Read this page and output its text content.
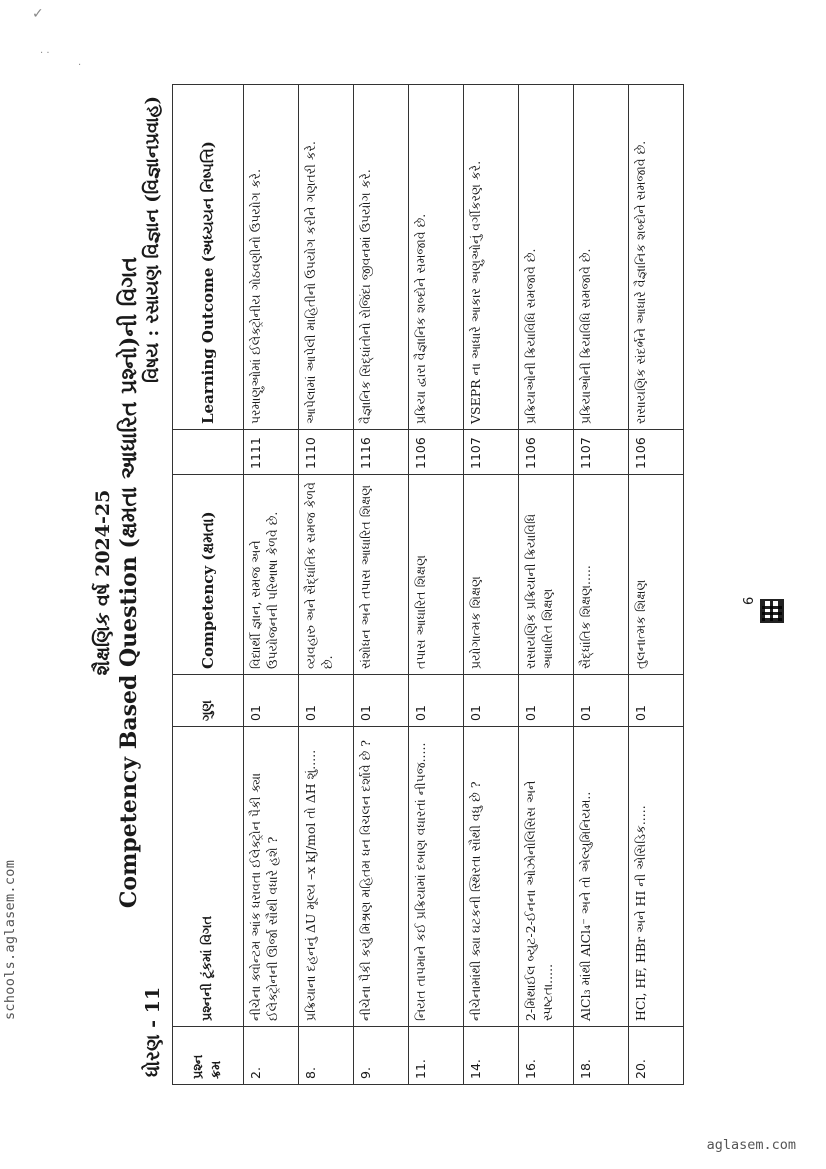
✓
· ·
·
schools.aglasem.com
aglasem.com
શૈક્ષણિક વર્ષ 2024-25 Competency Based Question (ક્ષમતા આધારિત પ્રશ્નો)ની વિગત
ધોરણ - 11
વિષય : રસાયણ વિજ્ઞાન (વિજ્ઞાનપ્રવાહ)
પ્રશ્ન ક્રમ	પ્રશ્નની ટૂંકમાં વિગત	ગુણ	Competency (ક્ષમતા)		Learning Outcome (અધ્યયન નિષ્પત્તિ)
2.	નીચેના ક્વોન્ટમ આંક ધરાવતા ઈલેક્ટ્રોન પૈકી ક્યા ઈલેક્ટ્રોનની ઊર્જા સૌથી વધારે હશે ?	01	વિદ્યાર્થી જ્ઞાન, સમજ અને ઉપયોજનની પરિભાષા કેળવે છે.	1111	પરમાણુઓમાં ઈલેક્ટ્રોનીય ગોઠવણીનો ઉપયોગ કરે.
8.	પ્રક્રિયાના દહનનું ΔU મૂલ્ય –x kJ/mol તો ΔH શું.....	01	વ્યવહારુ અને સૈદ્ધાંતિક સમજ કેળવે છે.	1110	આપેલામાં આપેલી માહિતીનો ઉપયોગ કરીને ગણતરી કરે.
9.	નીચેના પૈકી કયું મિશ્રણ મહિતમ ધન વિચલન દર્શાવે છે ?	01	સંશોધન અને તપાસ આધારિત શિક્ષણ	1116	વૈજ્ઞાનિક સિદ્ધાંતોનો રોજિંદા જીવનમાં ઉપયોગ કરે.
11.	નિયત તાપમાને કઈ પ્રક્રિયામાં દબાણ વધારતાં નીપજ.....	01	તપાસ આધારિત શિક્ષણ	1106	પ્રક્રિયા દ્વારા વૈજ્ઞાનિક શબ્દોને સમજાવે છે.
14.	નીચેનામાંથી ક્યા ઘટકની સ્થિરતા સૌથી વધુ છે ?	01	પ્રયોગાત્મક શિક્ષણ	1107	VSEPR ના આધારે આકાર અણુઓનું વર્ગીકરણ કરે.
16.	2-મિથાઈલ બ્યુટ-2-ઈનના ઓઝોનોલિસિસ અને સ્પષ્ટતા.....	01	રાસાયણિક પ્રક્રિયાની ક્રિયાવિધિ આધારિત શિક્ષણ	1106	પ્રક્રિયાઓની ક્રિયાવિધિ સમજાવે છે.
18.	AlCl₃ માંથી AlCl₄⁻ અને તો એલ્યુમિનિયમ..	01	સૈદ્ધાંતિક શિક્ષણ.....	1107	પ્રક્રિયાઓની ક્રિયાવિધિ સમજાવે છે.
20.	HCl, HF, HBr અને HI ની એસિડિક.....	01	તુલનાત્મક શિક્ષણ	1106	રાસાયણિક સંદર્ભને આધારે વૈજ્ઞાનિક શબ્દોને સમજાવે છે.
6
